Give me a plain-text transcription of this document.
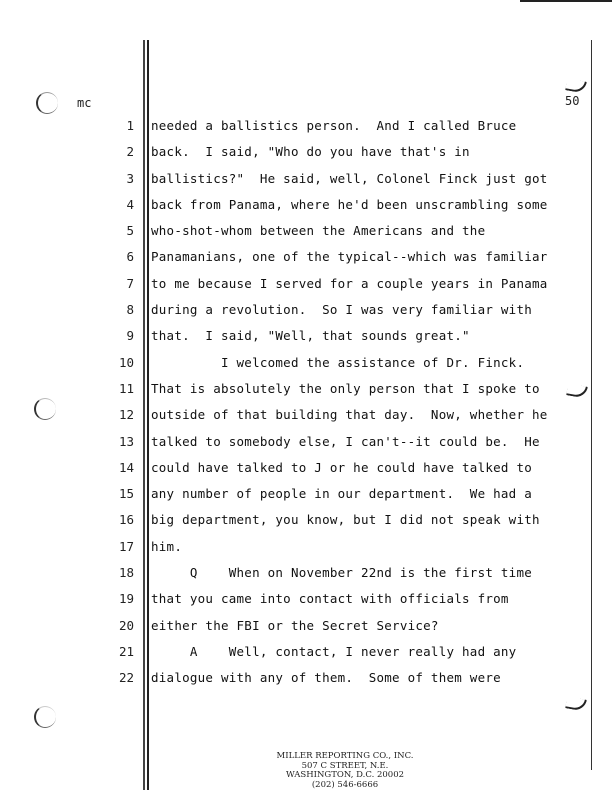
mc	50
1 needed a ballistics person.  And I called Bruce
2 back.  I said, "Who do you have that's in
3 ballistics?"  He said, well, Colonel Finck just got
4 back from Panama, where he'd been unscrambling some
5 who-shot-whom between the Americans and the
6 Panamanians, one of the typical--which was familiar
7 to me because I served for a couple years in Panama
8 during a revolution.  So I was very familiar with
9 that.  I said, "Well, that sounds great."
10 I welcomed the assistance of Dr. Finck.
11 That is absolutely the only person that I spoke to
12 outside of that building that day.  Now, whether he
13 talked to somebody else, I can't--it could be.  He
14 could have talked to J or he could have talked to
15 any number of people in our department.  We had a
16 big department, you know, but I did not speak with
17 him.
18 Q    When on November 22nd is the first time
19 that you came into contact with officials from
20 either the FBI or the Secret Service?
21 A    Well, contact, I never really had any
22 dialogue with any of them.  Some of them were
MILLER REPORTING CO., INC.
507 C STREET, N.E.
WASHINGTON, D.C. 20002
(202) 546-6666
